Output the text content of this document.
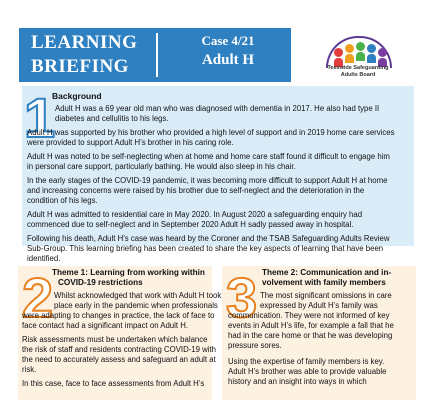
LEARNING
BRIEFING
Case 4/21
Adult H	Teeswide Safeguarding
Adults Board
1
Background
Adult H was a 69 year old man who was diagnosed with dementia in 2017. He also had type II
diabetes and cellulitis to his legs.
Adult H was supported by his brother who provided a high level of support and in 2019 home care services
were provided to support Adult H’s brother in his caring role.
Adult H was noted to be self-neglecting when at home and home care staff found it difficult to engage him
in personal care support, particularly bathing. He would also sleep in his chair.
In the early stages of the COVID-19 pandemic, it was becoming more difficult to support Adult H at home
and increasing concerns were raised by his brother due to self-neglect and the deterioration in the
condition of his legs.
Adult H was admitted to residential care in May 2020. In August 2020 a safeguarding enquiry had
commenced due to self-neglect and in September 2020 Adult H sadly passed away in hospital.
Following his death, Adult H’s case was heard by the Coroner and the TSAB Safeguarding Adults Review
Sub-Group. This learning briefing has been created to share the key aspects of learning that have been
identified.
2
Theme 1: Learning from working within
COVID-19 restrictions
Whilst acknowledged that work with Adult H took
place early in the pandemic when professionals
were adapting to changes in practice, the lack of face to
face contact had a significant impact on Adult H.
Risk assessments must be undertaken which balance
the risk of staff and residents contracting COVID-19 with
the need to accurately assess and safeguard an adult at
risk.
In this case, face to face assessments from Adult H’s
3 Theme 2: Communication and in-
volvement with family members
The most significant omissions in care
expressed by Adult H’s family was
communication. They were not informed of key
events in Adult H’s life, for example a fall that he
had in the care home or that he was developing
pressure sores.
Using the expertise of family members is key.
Adult H’s brother was able to provide valuable
history and an insight into ways in which
